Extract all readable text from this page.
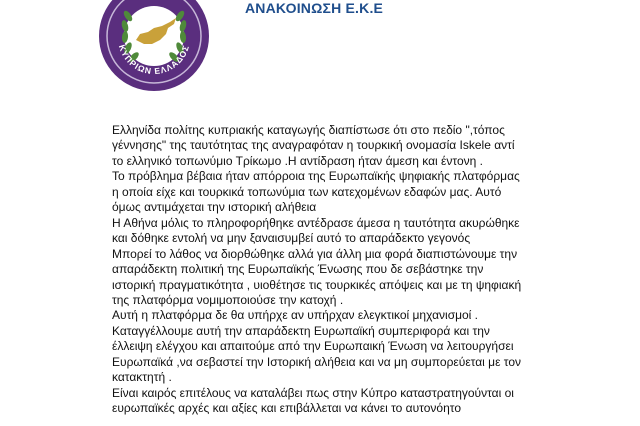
ΚΥΠΡΙΩΝ ΕΛΛΑΔΟΣ
ΑΝΑΚΟΙΝΩΣΗ Ε.Κ.Ε
Ελληνίδα πολίτης κυπριακής καταγωγής διαπίστωσε ότι στο πεδίο ",τόπος
γέννησης" της ταυτότητας της αναγραφόταν η τουρκική ονομασία Iskele αντί
το ελληνικό τοπωνύμιο Τρίκωμο .Η αντίδραση ήταν άμεση και έντονη .
Το πρόβλημα βέβαια ήταν απόρροια της Ευρωπαϊκής ψηφιακής πλατφόρμας
η οποία είχε και τουρκικά τοπωνύμια των κατεχομένων εδαφών μας. Αυτό
όμως αντιμάχεται την ιστορική αλήθεια
Η Αθήνα μόλις το πληροφορήθηκε αντέδρασε άμεσα η ταυτότητα ακυρώθηκε
και δόθηκε εντολή να μην ξαναισυμβεί αυτό το απαράδεκτο γεγονός
Μπορεί το λάθος να διορθώθηκε αλλά για άλλη μια φορά διαπιστώνουμε την
απαράδεκτη πολιτική της Ευρωπαϊκής Ένωσης που δε σεβάστηκε την
ιστορική πραγματικότητα , υιοθέτησε τις τουρκικές απόψεις και με τη ψηφιακή
της πλατφόρμα νομιμοποιούσε την κατοχή .
Αυτή η πλατφόρμα δε θα υπήρχε αν υπήρχαν ελεγκτικοί μηχανισμοί .
Καταγγέλλουμε αυτή την απαράδεκτη Ευρωπαϊκή συμπεριφορά και την
έλλειψη ελέγχου και απαιτούμε από την Ευρωπαική Ένωση να λειτουργήσει
Ευρωπαϊκά ,να σεβαστεί την Ιστορική αλήθεια και να μη συμπορεύεται με τον
κατακτητή .
Είναι καιρός επιτέλους να καταλάβει πως στην Κύπρο καταστρατηγούνται οι
ευρωπαϊκές αρχές και αξίες και επιβάλλεται να κάνει το αυτονόητο
